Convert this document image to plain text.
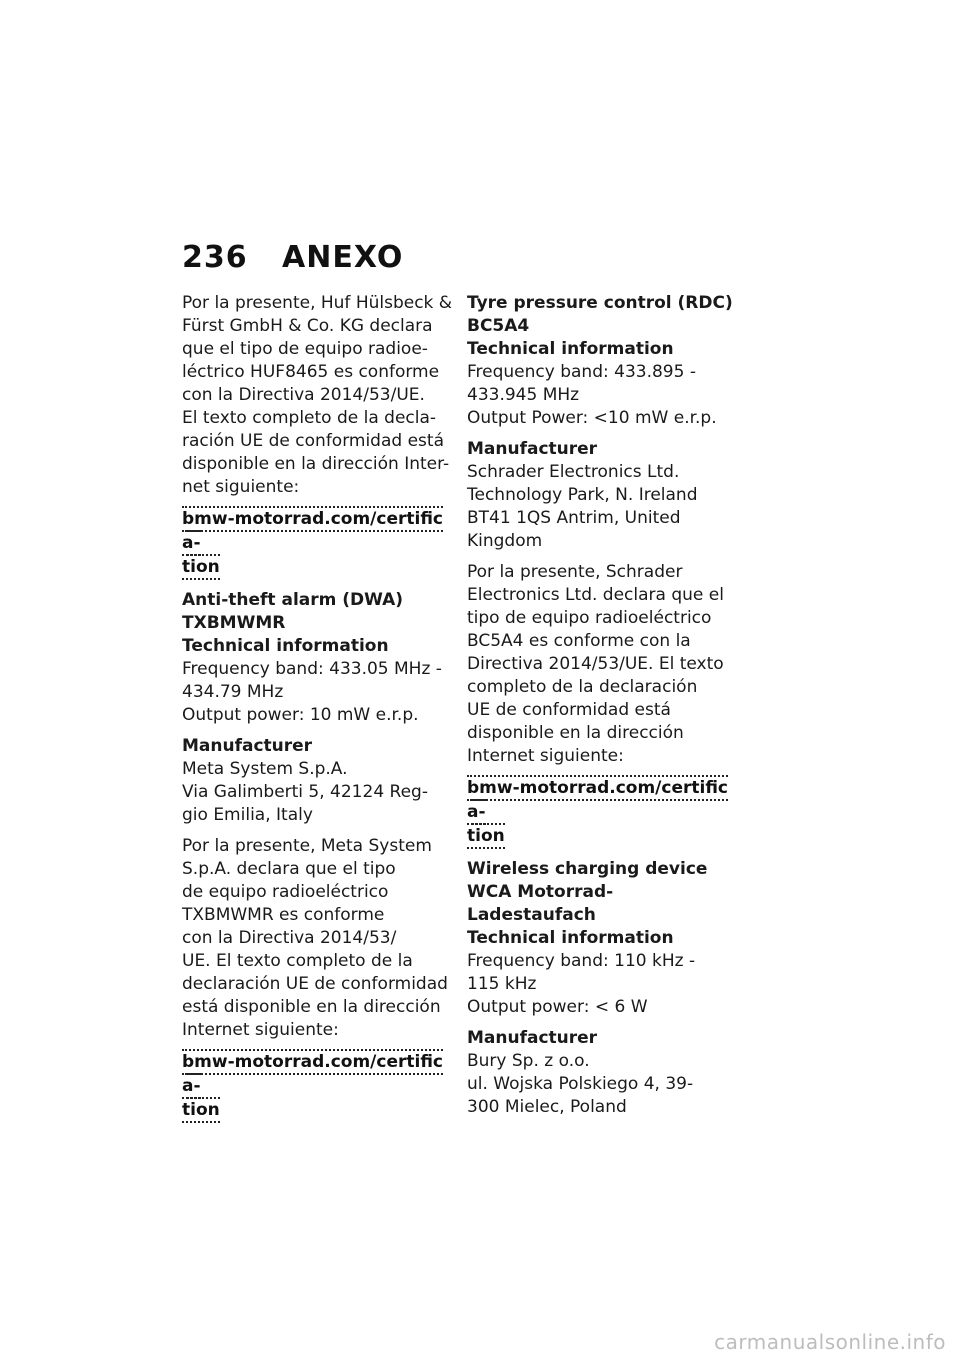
236 ANEXO

Por la presente, Huf Hülsbeck &
Fürst GmbH & Co. KG declara
que el tipo de equipo radioe-
léctrico HUF8465 es conforme
con la Directiva 2014/53/UE.
El texto completo de la decla-
ración UE de conformidad está
disponible en la dirección Inter-
net siguiente:

bmw-motorrad.com/certifica-
tion

Anti-theft alarm (DWA)

TXBMWMR

Technical information

Frequency band: 433.05 MHz -
434.79 MHz
Output power: 10 mW e.r.p.

Manufacturer

Meta System S.p.A.
Via Galimberti 5, 42124 Reg-
gio Emilia, Italy

Por la presente, Meta System
S.p.A. declara que el tipo
de equipo radioeléctrico
TXBMWMR es conforme
con la Directiva 2014/53/
UE. El texto completo de la
declaración UE de conformidad
está disponible en la dirección
Internet siguiente:

bmw-motorrad.com/certifica-
tion

Tyre pressure control (RDC)

BC5A4

Technical information

Frequency band: 433.895 -
433.945 MHz
Output Power: <10 mW e.r.p.

Manufacturer

Schrader Electronics Ltd.
Technology Park, N. Ireland
BT41 1QS Antrim, United
Kingdom

Por la presente, Schrader
Electronics Ltd. declara que el
tipo de equipo radioeléctrico
BC5A4 es conforme con la
Directiva 2014/53/UE. El texto
completo de la declaración
UE de conformidad está
disponible en la dirección
Internet siguiente:

bmw-motorrad.com/certifica-
tion

Wireless charging device

WCA Motorrad-Ladestaufach

Technical information

Frequency band: 110 kHz -
115 kHz
Output power: < 6 W

Manufacturer

Bury Sp. z o.o.
ul. Wojska Polskiego 4, 39-
300 Mielec, Poland

carmanualsonline.info
